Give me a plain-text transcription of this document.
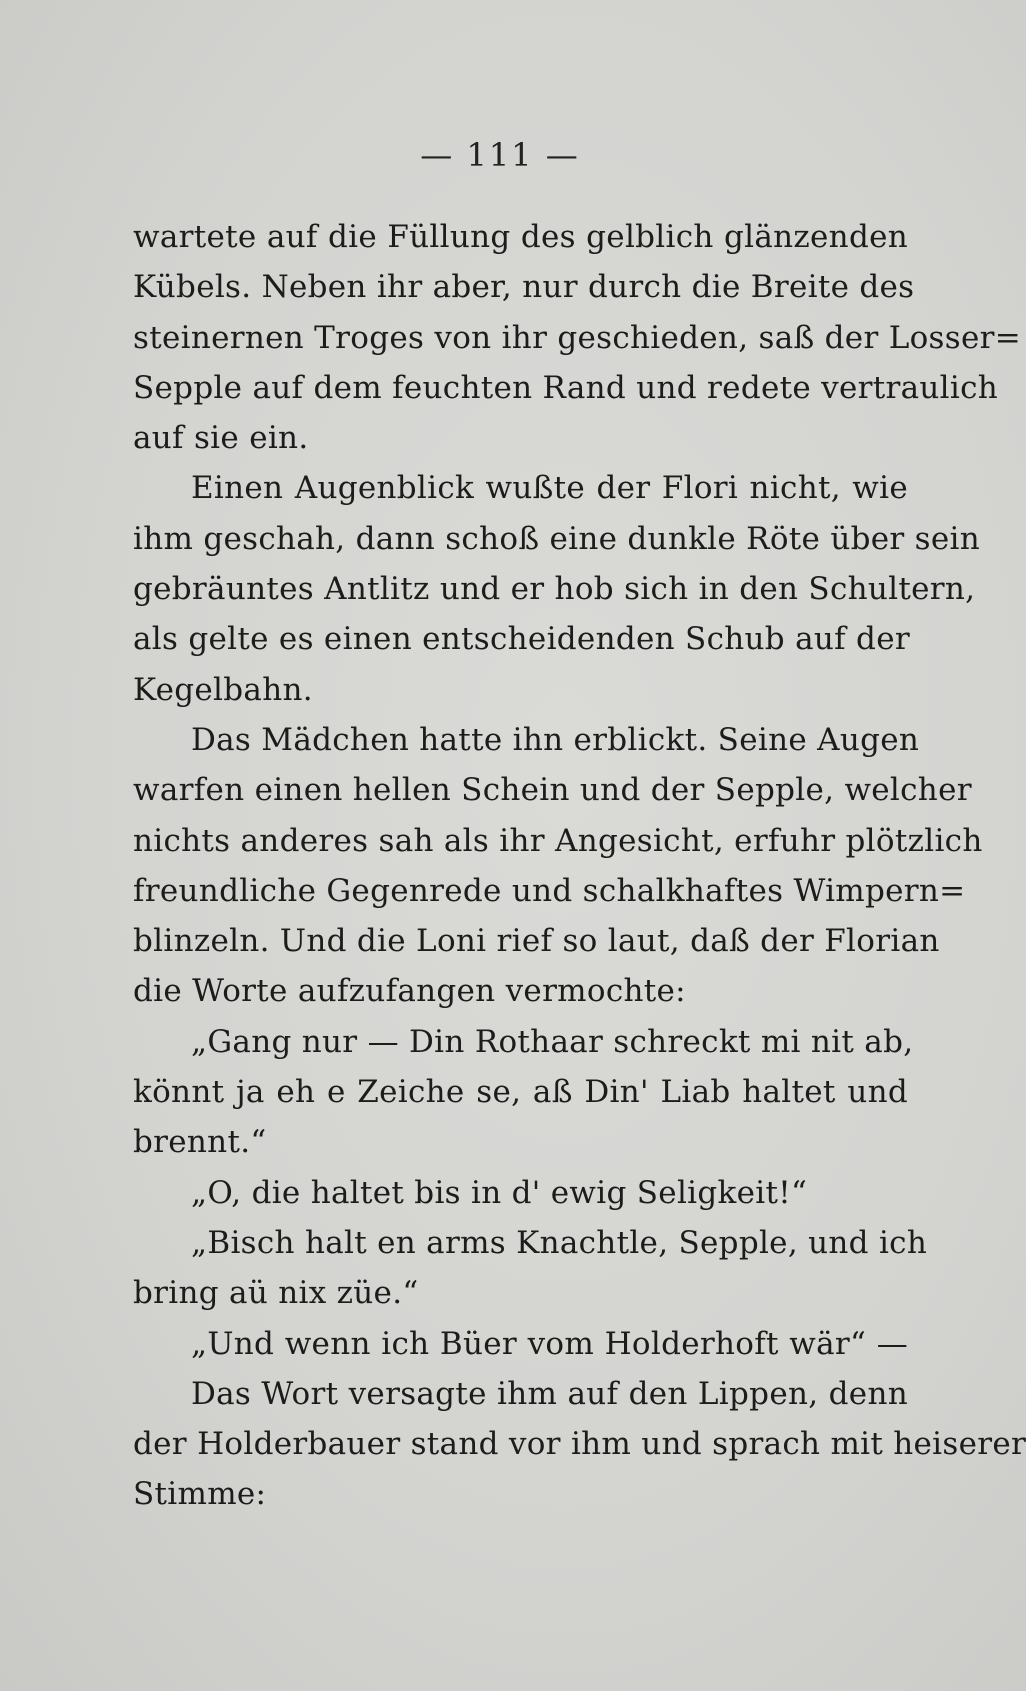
— 111 —
wartete auf die Füllung des gelblich glänzenden
Kübels. Neben ihr aber, nur durch die Breite des
steinernen Troges von ihr geschieden, saß der Losser=
Sepple auf dem feuchten Rand und redete vertraulich
auf sie ein.
Einen Augenblick wußte der Flori nicht, wie
ihm geschah, dann schoß eine dunkle Röte über sein
gebräuntes Antlitz und er hob sich in den Schultern,
als gelte es einen entscheidenden Schub auf der
Kegelbahn.
Das Mädchen hatte ihn erblickt. Seine Augen
warfen einen hellen Schein und der Sepple, welcher
nichts anderes sah als ihr Angesicht, erfuhr plötzlich
freundliche Gegenrede und schalkhaftes Wimpern=
blinzeln. Und die Loni rief so laut, daß der Florian
die Worte aufzufangen vermochte:
„Gang nur — Din Rothaar schreckt mi nit ab,
könnt ja eh e Zeiche se, aß Din' Liab haltet und
brennt.“
„O, die haltet bis in d' ewig Seligkeit!“
„Bisch halt en arms Knachtle, Sepple, und ich
bring aü nix züe.“
„Und wenn ich Büer vom Holderhoft wär“ —
Das Wort versagte ihm auf den Lippen, denn
der Holderbauer stand vor ihm und sprach mit heiserer
Stimme:
